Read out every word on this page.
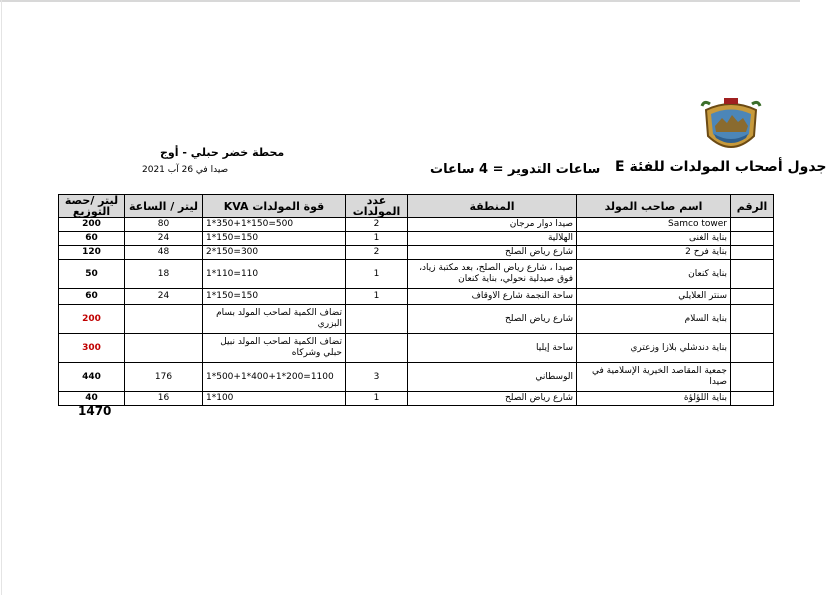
محطة خضر حبلي - أوج
صيدا في 26 آب 2021	ساعات التدوير = 4 ساعات جدول أصحاب المولدات للفئة E
ليتر /حصة التوزيع	ليتر / الساعة	قوة المولدات KVA	عدد المولدات	المنطقة	اسم صاحب المولد	الرقم
200	80	1*350+1*150=500	2	صيدا دوار مرجان	Samco tower	
60	24	1*150=150	1	الهلالية	بناية الغنى	
120	48	2*150=300	2	شارع رياض الصلح	بناية فرح 2	
50	18	1*110=110	1	صيدا ، شارع رياض الصلح، بعد مكتبة زياد، فوق صيدلية نحولي، بناية كنعان	بناية كنعان	
60	24	1*150=150	1	ساحة النجمة شارع الاوقاف	سنتر العلايلي	
200		تضاف الكمية لصاحب المولد بسام البزري		شارع رياض الصلح	بناية السلام	
300		تضاف الكمية لصاحب المولد نبيل حبلي وشركاه		ساحة إيليا	بناية دندشلي بلازا وزعتري	
440	176	1*500+1*400+1*200=1100	3	الوسطاني	جمعية المقاصد الخيرية الإسلامية في صيدا	
40	16	1*100	1	شارع رياض الصلح	بناية اللؤلؤة	
1470
